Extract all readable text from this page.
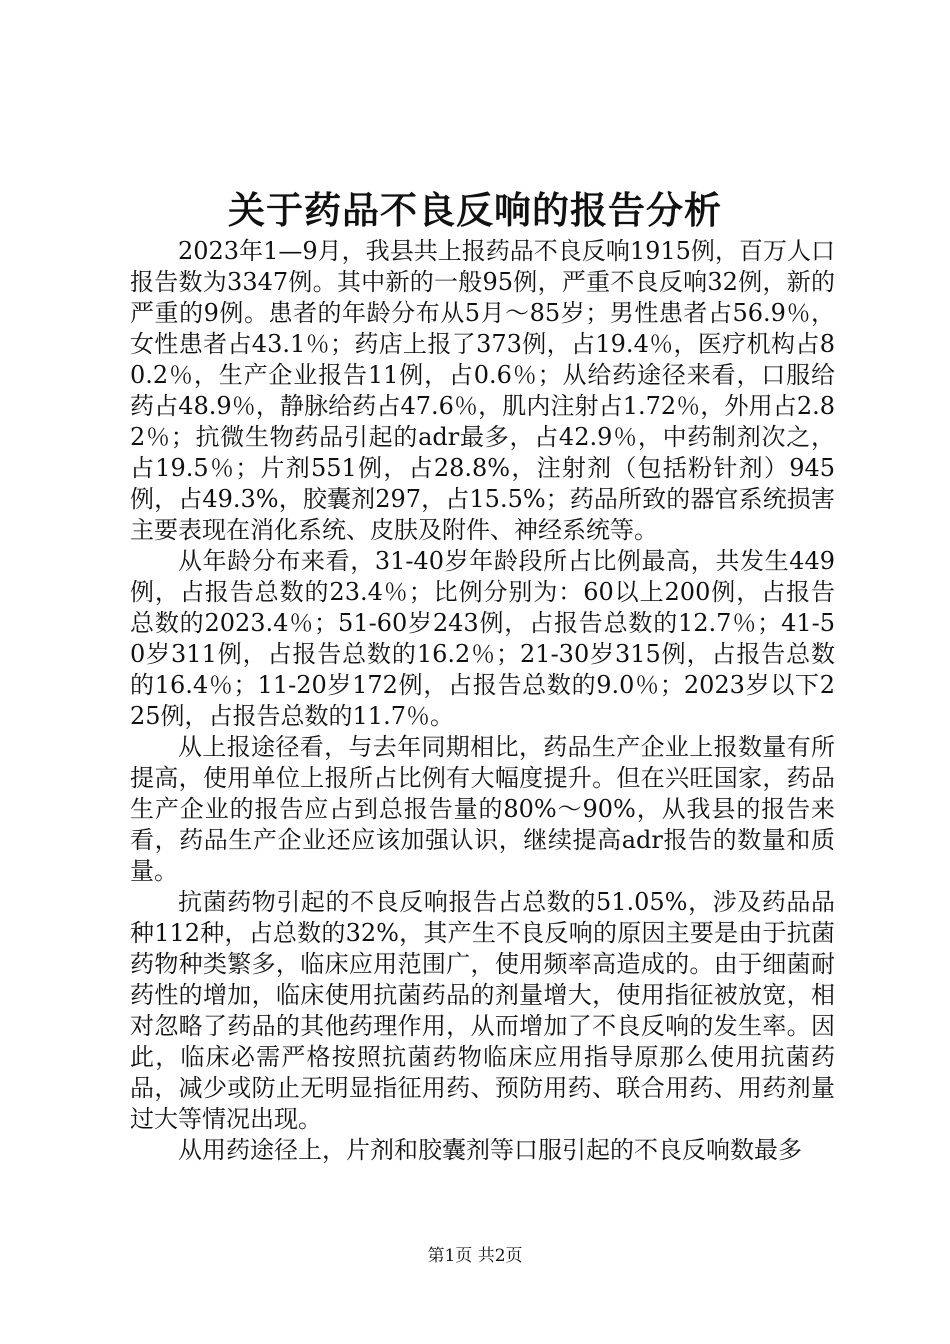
关于药品不良反响的报告分析

2023年1—9月，我县共上报药品不良反响1915例，百万人口报告数为3347例。其中新的一般95例，严重不良反响32例，新的严重的9例。患者的年龄分布从5月～85岁；男性患者占56.9％，女性患者占43.1％；药店上报了373例，占19.4％，医疗机构占80.2％，生产企业报告11例，占0.6％；从给药途径来看，口服给药占48.9％，静脉给药占47.6％，肌内注射占1.72％，外用占2.82％；抗微生物药品引起的adr最多，占42.9％，中药制剂次之，占19.5％；片剂551例，占28.8%，注射剂（包括粉针剂）945例，占49.3%，胶囊剂297，占15.5%；药品所致的器官系统损害主要表现在消化系统、皮肤及附件、神经系统等。

从年龄分布来看，31-40岁年龄段所占比例最高，共发生449例，占报告总数的23.4％；比例分别为：60以上200例，占报告总数的2023.4％；51-60岁243例，占报告总数的12.7％；41-50岁311例，占报告总数的16.2％；21-30岁315例，占报告总数的16.4％；11-20岁172例，占报告总数的9.0％；2023岁以下225例，占报告总数的11.7％。

从上报途径看，与去年同期相比，药品生产企业上报数量有所提高，使用单位上报所占比例有大幅度提升。但在兴旺国家，药品生产企业的报告应占到总报告量的80%～90%，从我县的报告来看，药品生产企业还应该加强认识，继续提高adr报告的数量和质量。

抗菌药物引起的不良反响报告占总数的51.05%，涉及药品品种112种，占总数的32%，其产生不良反响的原因主要是由于抗菌药物种类繁多，临床应用范围广，使用频率高造成的。由于细菌耐药性的增加，临床使用抗菌药品的剂量增大，使用指征被放宽，相对忽略了药品的其他药理作用，从而增加了不良反响的发生率。因此，临床必需严格按照抗菌药物临床应用指导原那么使用抗菌药品，减少或防止无明显指征用药、预防用药、联合用药、用药剂量过大等情况出现。

从用药途径上，片剂和胶囊剂等口服引起的不良反响数最多

第1页 共2页
